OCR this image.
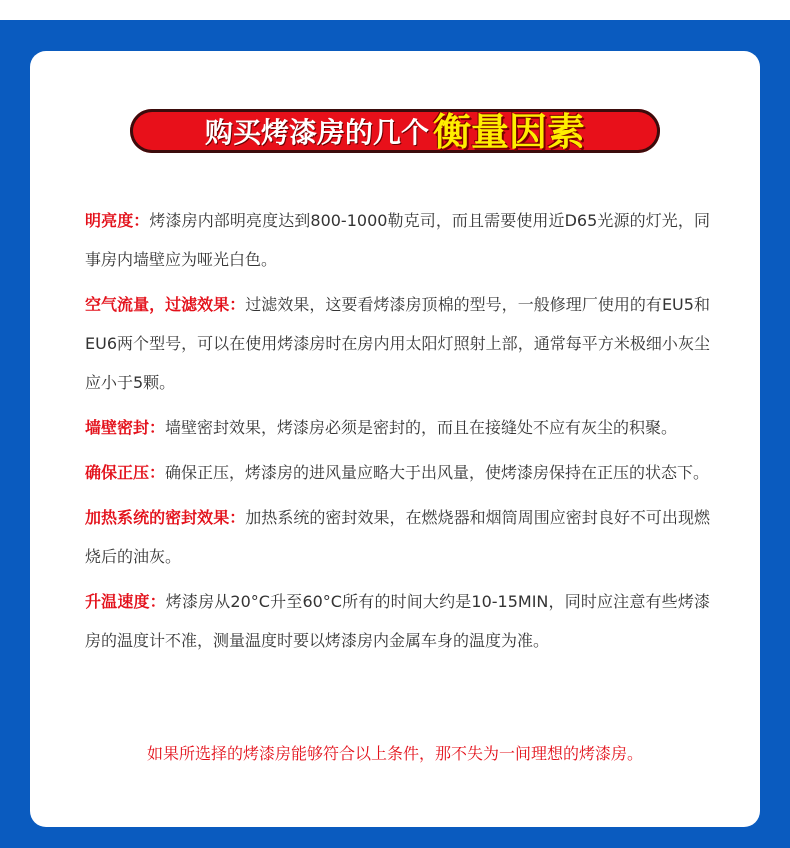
购买烤漆房的几个 衡量因素

明亮度：烤漆房内部明亮度达到800-1000勒克司，而且需要使用近D65光源的灯光，同事房内墙壁应为哑光白色。

空气流量，过滤效果：过滤效果，这要看烤漆房顶棉的型号，一般修理厂使用的有EU5和EU6两个型号，可以在使用烤漆房时在房内用太阳灯照射上部，通常每平方米极细小灰尘应小于5颗。

墙壁密封：墙壁密封效果，烤漆房必须是密封的，而且在接缝处不应有灰尘的积聚。

确保正压：确保正压，烤漆房的进风量应略大于出风量，使烤漆房保持在正压的状态下。

加热系统的密封效果：加热系统的密封效果，在燃烧器和烟筒周围应密封良好不可出现燃烧后的油灰。

升温速度：烤漆房从20°C升至60°C所有的时间大约是10-15MIN，同时应注意有些烤漆房的温度计不准，测量温度时要以烤漆房内金属车身的温度为准。

如果所选择的烤漆房能够符合以上条件，那不失为一间理想的烤漆房。
